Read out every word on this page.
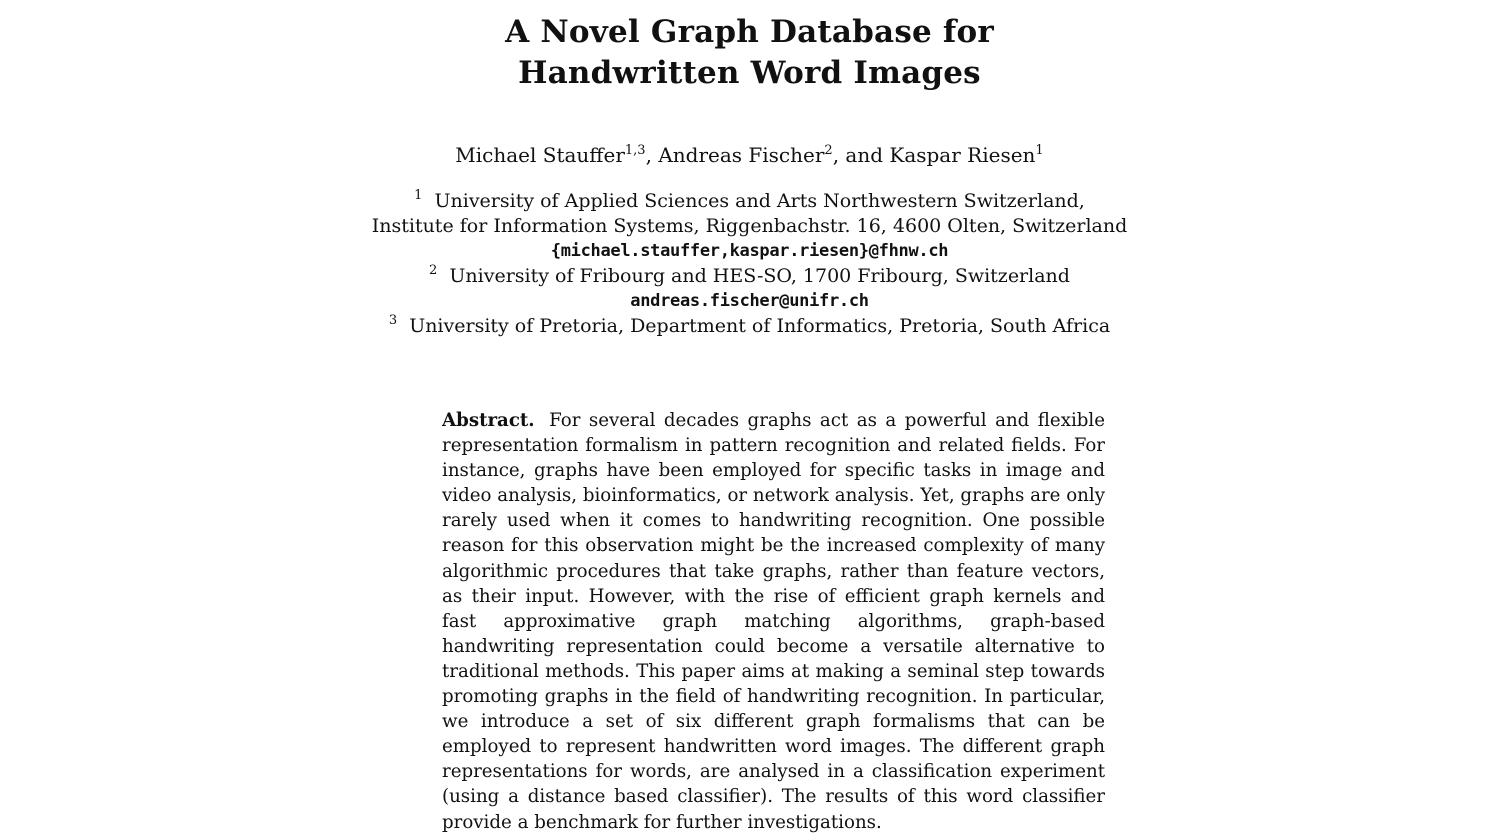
A Novel Graph Database for
Handwritten Word Images
Michael Stauffer$^{1,3}$, Andreas Fischer$^2$, and Kaspar Riesen$^1$
$^1$ University of Applied Sciences and Arts Northwestern Switzerland,
Institute for Information Systems, Riggenbachstr. 16, 4600 Olten, Switzerland
{michael.stauffer,kaspar.riesen}@fhnw.ch
$^2$ University of Fribourg and HES-SO, 1700 Fribourg, Switzerland
andreas.fischer@unifr.ch
$^3$ University of Pretoria, Department of Informatics, Pretoria, South Africa
Abstract. For several decades graphs act as a powerful and flexible representation formalism in pattern recognition and related fields. For instance, graphs have been employed for specific tasks in image and video analysis, bioinformatics, or network analysis. Yet, graphs are only rarely used when it comes to handwriting recognition. One possible reason for this observation might be the increased complexity of many algorithmic procedures that take graphs, rather than feature vectors, as their input. However, with the rise of efficient graph kernels and fast approximative graph matching algorithms, graph-based handwriting representation could become a versatile alternative to traditional methods. This paper aims at making a seminal step towards promoting graphs in the field of handwriting recognition. In particular, we introduce a set of six different graph formalisms that can be employed to represent handwritten word images. The different graph representations for words, are analysed in a classification experiment (using a distance based classifier). The results of this word classifier provide a benchmark for further investigations.
